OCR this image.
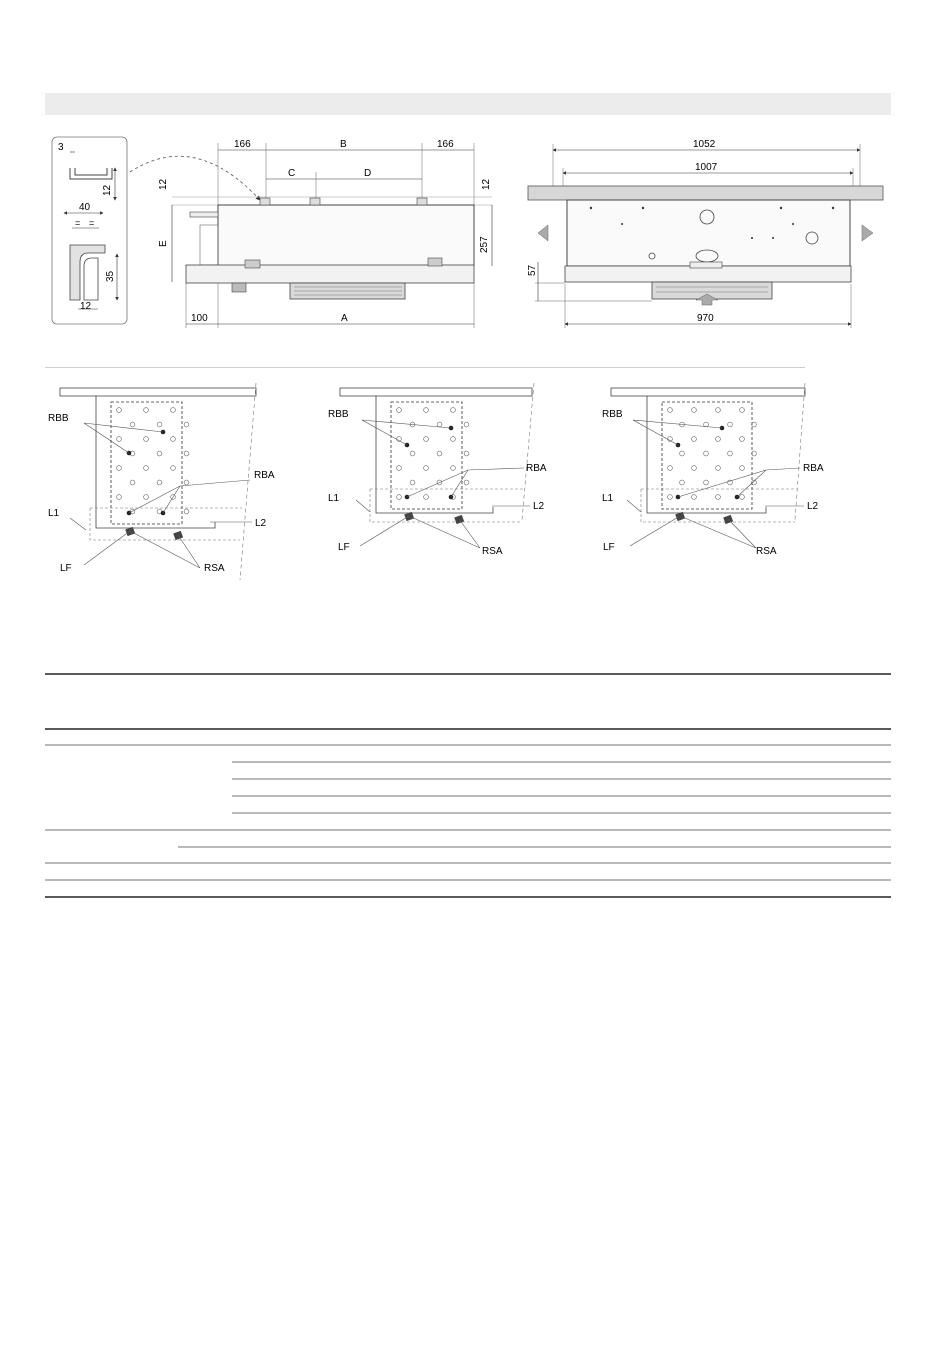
3
12
40
= =
35
12
166	B	166
C	D
12	12
E	257
100	A
1052
1007
57
970
RBB
RBA
L1
L2
LF	RSA
RBB
RBA
L1
L2
LF	RSA
RBB
RBA
L1
L2
LF	RSA
